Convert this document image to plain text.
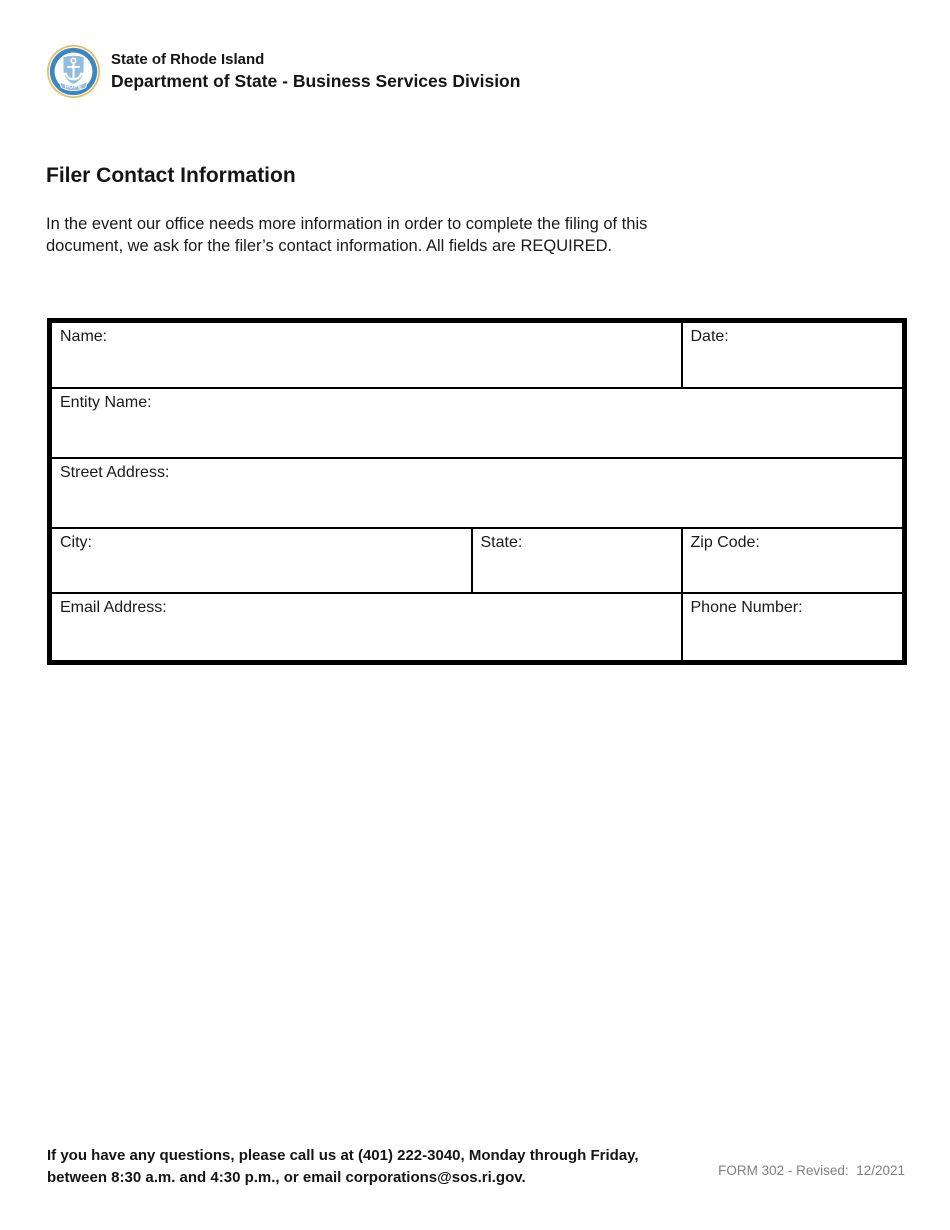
HOPE
State of Rhode Island
Department of State - Business Services Division
Filer Contact Information
In the event our office needs more information in order to complete the filing of this
document, we ask for the filer’s contact information. All fields are REQUIRED.
Name:		Date:
Entity Name:		
Street Address:		
City:	State:	Zip Code:
Email Address:		Phone Number:
If you have any questions, please call us at (401) 222-3040, Monday through Friday,
between 8:30 a.m. and 4:30 p.m., or email corporations@sos.ri.gov.	FORM 302 - Revised:  12/2021
